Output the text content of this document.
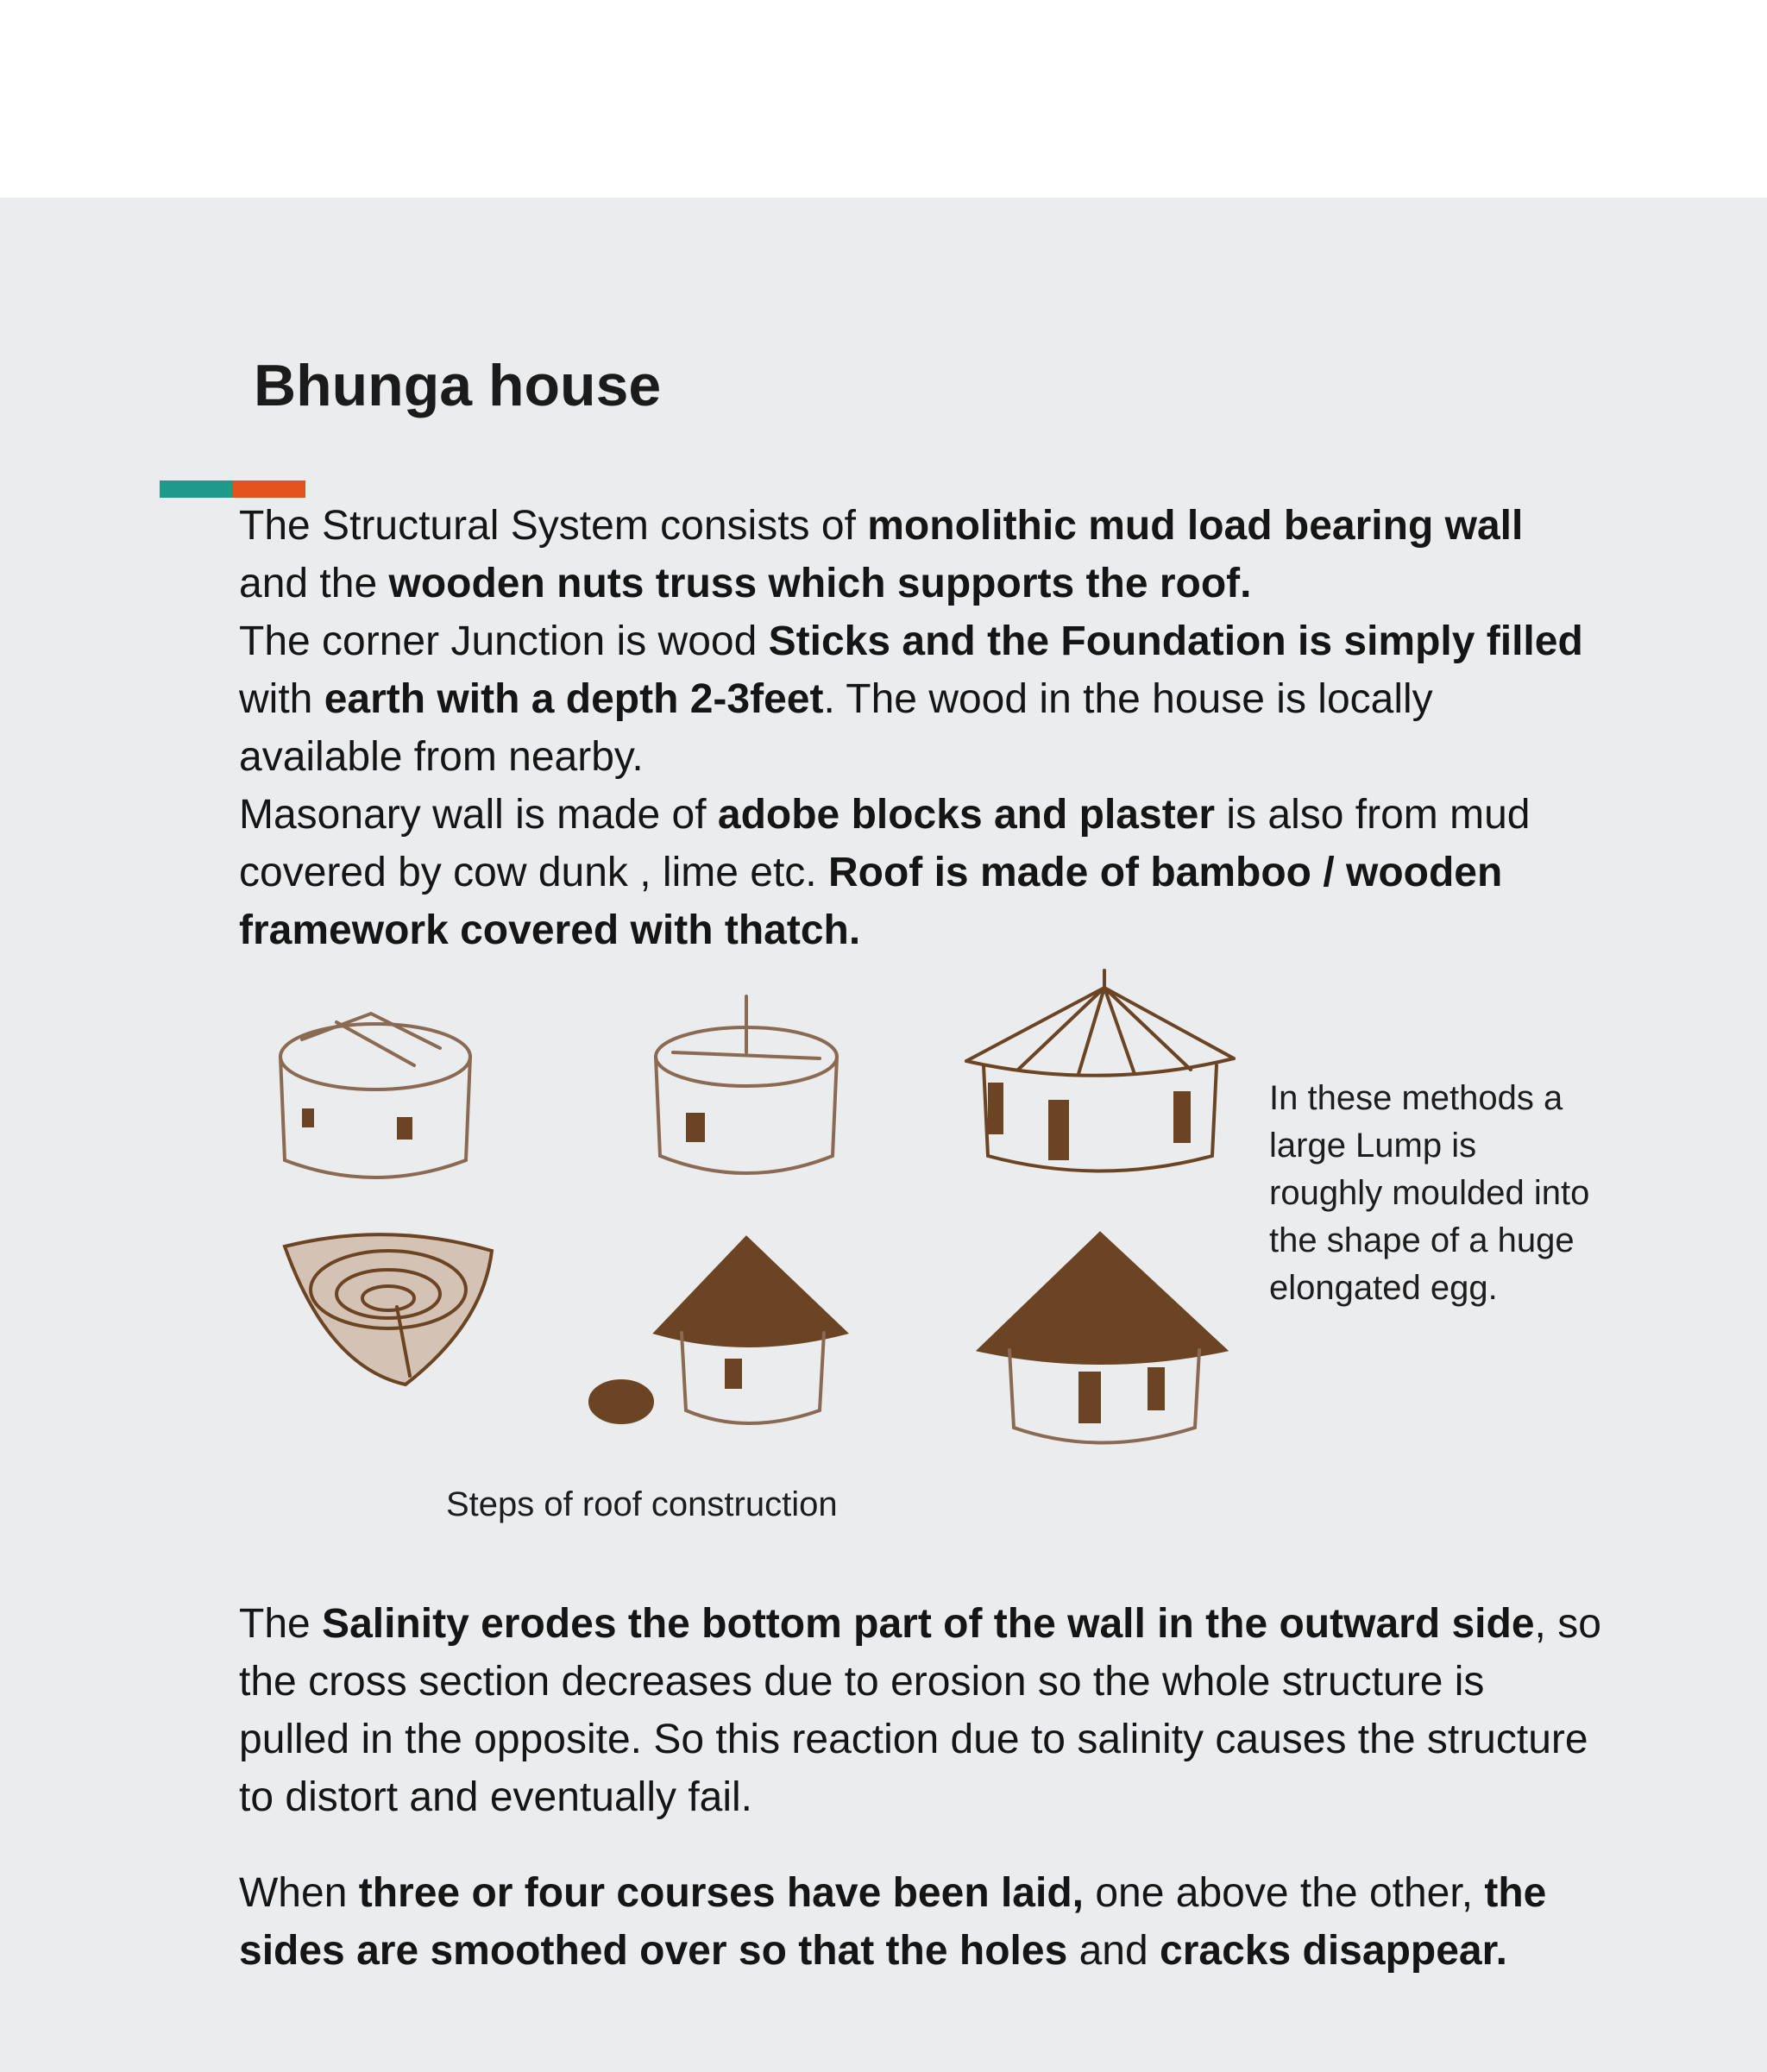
Bhunga house

The Structural System consists of monolithic mud load bearing wall and the wooden nuts truss which supports the roof.
The corner Junction is wood Sticks and the Foundation is simply filled with earth with a depth 2-3feet. The wood in the house is locally available from nearby.
Masonary wall is made of adobe blocks and plaster is also from mud covered by cow dunk , lime etc. Roof is made of bamboo / wooden framework covered with thatch.

Steps of roof construction
In these methods a large Lump is roughly moulded into the shape of a huge elongated egg.

The Salinity erodes the bottom part of the wall in the outward side, so the cross section decreases due to erosion so the whole structure is pulled in the opposite. So this reaction due to salinity causes the structure to distort and eventually fail.

When three or four courses have been laid, one above the other, the sides are smoothed over so that the holes and cracks disappear.
